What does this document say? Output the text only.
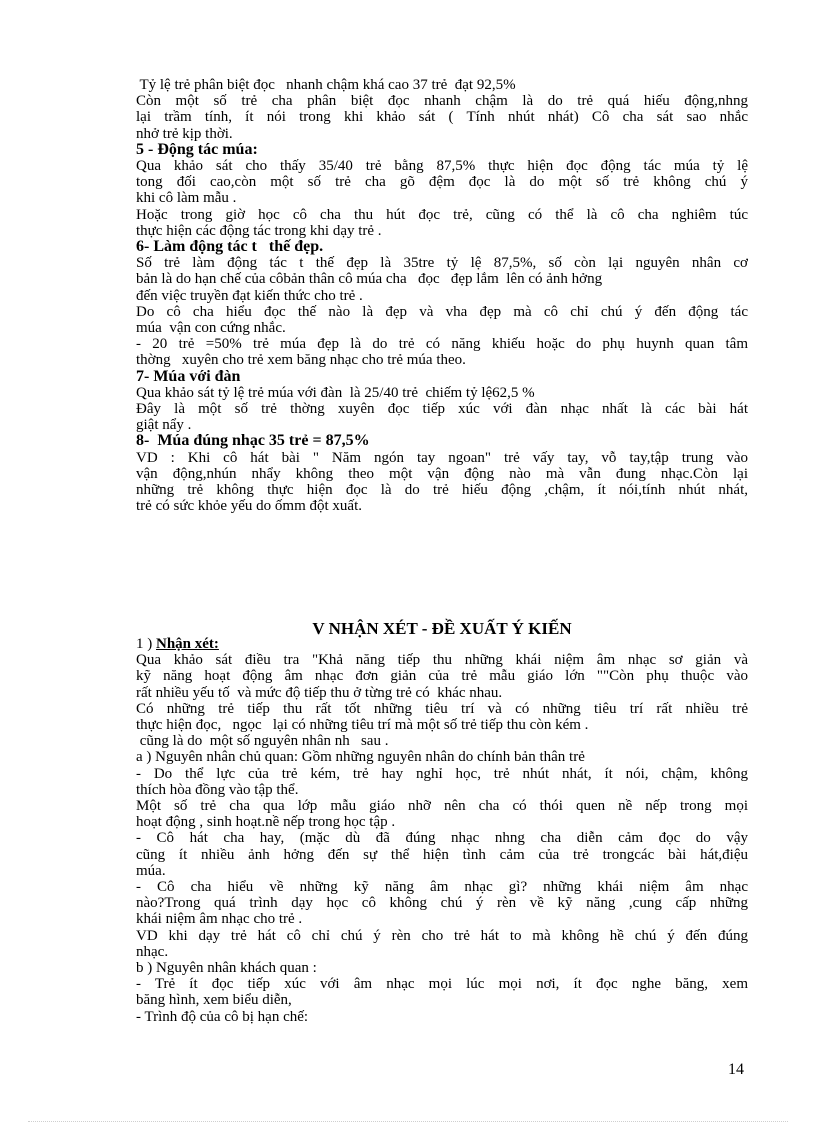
Tỷ lệ trẻ phân biệt đọc   nhanh chậm khá cao 37 trẻ  đạt 92,5%
Còn một số trẻ cha phân biệt đọc nhanh chậm là do trẻ quá hiếu động,nhng
lại trầm tính, ít nói trong khi khảo sát ( Tính nhút nhát) Cô cha sát sao nhắc
nhở trẻ kịp thời.
5 - Động tác múa:
Qua khảo sát cho thấy 35/40 trẻ bằng 87,5% thực hiện đọc động tác múa tỷ lệ
tong đối cao,còn một số trẻ cha gõ đệm đọc là do một số trẻ không chú ý
khi cô làm mẫu .
Hoặc trong giờ học cô cha thu hút đọc trẻ, cũng có thể là cô cha nghiêm túc
thực hiện các động tác trong khi dạy trẻ .
6- Làm động tác t   thế đẹp.
Số trẻ làm động tác t thế đẹp là 35tre tỷ lệ 87,5%, số còn lại nguyên nhân cơ
bản là do hạn chế của côbản thân cô múa cha   đọc   đẹp lắm  lên có ảnh hởng
đến việc truyền đạt kiến thức cho trẻ .
Do cô cha hiểu đọc thế nào là đẹp và vha đẹp mà cô chỉ chú ý đến động tác
múa  vận con cứng nhắc.
- 20 trẻ =50% trẻ múa đẹp là do trẻ có năng khiếu hoặc do phụ huynh quan tâm
thờng   xuyên cho trẻ xem băng nhạc cho trẻ múa theo.
7- Múa với đàn
Qua khảo sát tỷ lệ trẻ múa với đàn  là 25/40 trẻ  chiếm tỷ lệ62,5 %
Đây là một số trẻ thờng xuyên đọc tiếp xúc với đàn nhạc nhất là các bài hát
giật nẩy .
8-  Múa đúng nhạc 35 trẻ = 87,5%
VD : Khi cô hát bài " Năm ngón tay ngoan" trẻ vấy tay, vỗ tay,tập trung vào
vận động,nhún nhẩy không theo một vận động nào mà vẫn đung nhạc.Còn lại
những trẻ không thực hiện đọc là do trẻ hiếu động ,chậm, ít nói,tính nhút nhát,
trẻ có sức khỏe yếu do ốmm đột xuất.
V NHẬN XÉT - ĐỀ XUẤT Ý KIẾN
1 ) Nhận xét:
Qua khảo sát điều tra "Khả năng tiếp thu những khái niệm âm nhạc sơ giản và
kỹ năng hoạt động âm nhạc đơn giản của trẻ mẫu giáo lớn ""Còn phụ thuộc vào
rất nhiều yếu tố  và mức độ tiếp thu ở từng trẻ có  khác nhau.
Có những trẻ tiếp thu rất tốt những tiêu trí và có những tiêu trí rất nhiều trẻ
thực hiện đọc,   ngọc   lại có những tiêu trí mà một số trẻ tiếp thu còn kém .
cũng là do  một số nguyên nhân nh   sau .
a ) Nguyên nhân chủ quan: Gồm những nguyên nhân do chính bản thân trẻ
- Do thể lực của trẻ kém, trẻ hay nghỉ học, trẻ nhút nhát, ít nói, chậm, không
thích hòa đồng vào tập thể.
Một số trẻ cha qua lớp mẫu giáo nhỡ nên cha có thói quen nề nếp trong mọi
hoạt động , sinh hoạt.nề nếp trong học tập .
- Cô hát cha hay, (mặc dù đã đúng nhạc nhng cha diễn cảm đọc do vậy
cũng ít nhiều ảnh hởng đến sự thể hiện tình cảm của trẻ trongcác bài hát,điệu
múa.
- Cô cha hiểu về những kỹ năng âm nhạc gì? những khái niệm âm nhạc
nào?Trong quá trình dạy học cô không chú ý rèn về kỹ năng ,cung cấp những
khái niệm âm nhạc cho trẻ .
VD khi dạy trẻ hát cô chỉ chú ý rèn cho trẻ hát to mà không hề chú ý đến đúng
nhạc.
b ) Nguyên nhân khách quan :
- Trẻ ít đọc tiếp xúc với âm nhạc mọi lúc mọi nơi, ít đọc nghe băng, xem
băng hình, xem biểu diễn,
- Trình độ của cô bị hạn chế:
14
